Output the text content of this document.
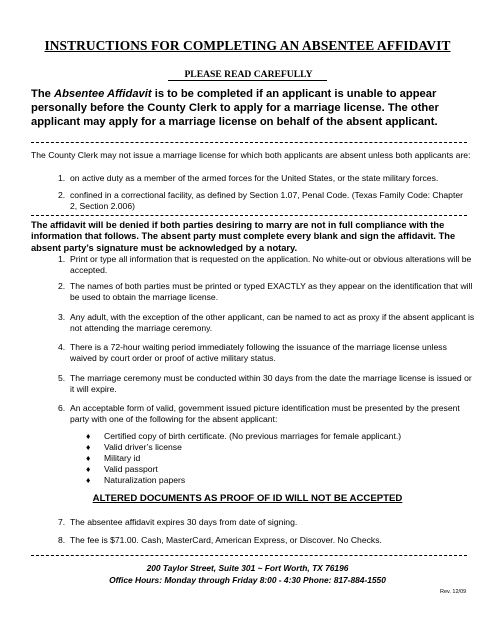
INSTRUCTIONS FOR COMPLETING AN ABSENTEE AFFIDAVIT
PLEASE READ CAREFULLY
The Absentee Affidavit is to be completed if an applicant is unable to appear personally before the County Clerk to apply for a marriage license. The other applicant may apply for a marriage license on behalf of the absent applicant.
The County Clerk may not issue a marriage license for which both applicants are absent unless both applicants are:
1. on active duty as a member of the armed forces for the United States, or the state military forces.
2. confined in a correctional facility, as defined by Section 1.07, Penal Code. (Texas Family Code: Chapter 2, Section 2.006)
The affidavit will be denied if both parties desiring to marry are not in full compliance with the information that follows. The absent party must complete every blank and sign the affidavit. The absent party’s signature must be acknowledged by a notary.
1. Print or type all information that is requested on the application. No white-out or obvious alterations will be accepted.
2. The names of both parties must be printed or typed EXACTLY as they appear on the identification that will be used to obtain the marriage license.
3. Any adult, with the exception of the other applicant, can be named to act as proxy if the absent applicant is not attending the marriage ceremony.
4. There is a 72-hour waiting period immediately following the issuance of the marriage license unless waived by court order or proof of active military status.
5. The marriage ceremony must be conducted within 30 days from the date the marriage license is issued or it will expire.
6. An acceptable form of valid, government issued picture identification must be presented by the present party with one of the following for the absent applicant:
♦ Certified copy of birth certificate. (No previous marriages for female applicant.)
♦ Valid driver’s license
♦ Military id
♦ Valid passport
♦ Naturalization papers
ALTERED DOCUMENTS AS PROOF OF ID WILL NOT BE ACCEPTED
7. The absentee affidavit expires 30 days from date of signing.
8. The fee is $71.00. Cash, MasterCard, American Express, or Discover. No Checks.
200 Taylor Street, Suite 301 ~ Fort Worth, TX 76196
Office Hours: Monday through Friday 8:00 - 4:30 Phone: 817-884-1550
Rev. 12/09
